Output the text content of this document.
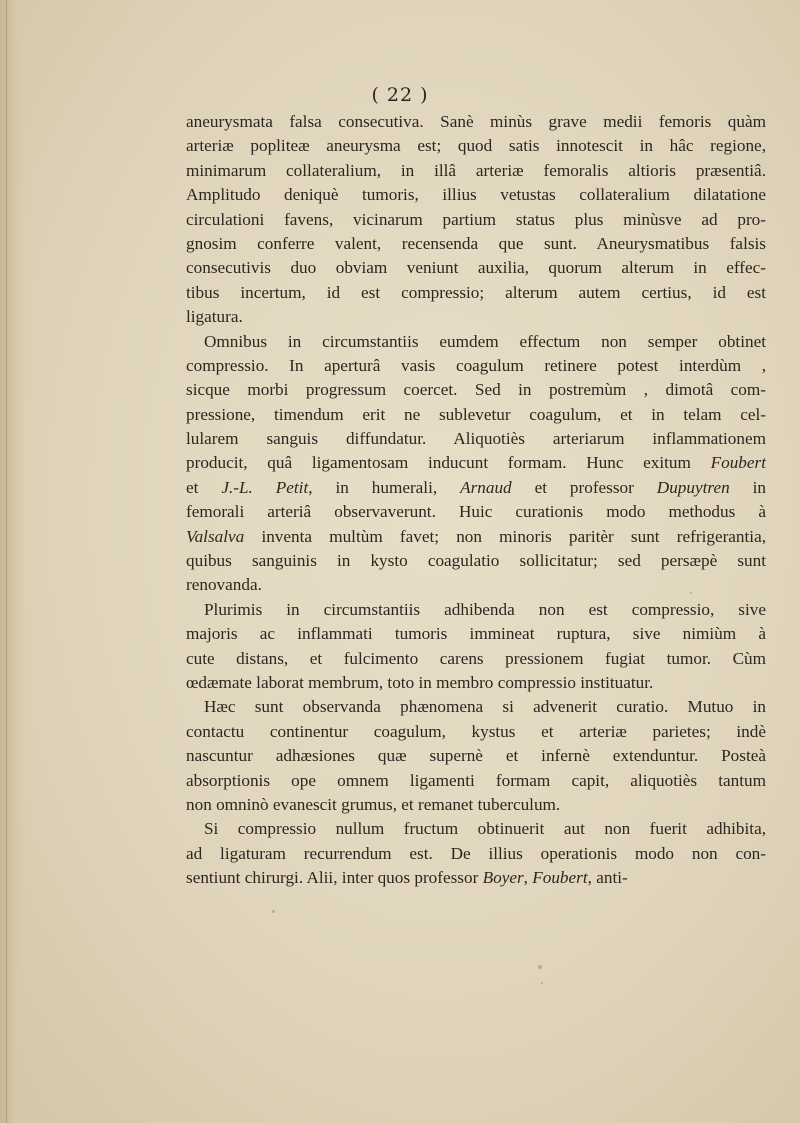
( 22 )
aneurysmata falsa consecutiva. Sanè minùs grave medii femoris quàm
arteriæ popliteæ aneurysma est; quod satis innotescit in hâc regione,
minimarum collateralium, in illâ arteriæ femoralis altioris præsentiâ.
Amplitudo deniquè tumoris, illius vetustas collateralium dilatatione
circulationi favens, vicinarum partium status plus minùsve ad pro-
gnosim conferre valent, recensenda que sunt. Aneurysmatibus falsis
consecutivis duo obviam veniunt auxilia, quorum alterum in effec-
tibus incertum, id est compressio; alterum autem certius, id est
ligatura.
Omnibus in circumstantiis eumdem effectum non semper obtinet
compressio. In aperturâ vasis coagulum retinere potest interdùm ,
sicque morbi progressum coercet. Sed in postremùm , dimotâ com-
pressione, timendum erit ne sublevetur coagulum, et in telam cel-
lularem sanguis diffundatur. Aliquotiès arteriarum inflammationem
producit, quâ ligamentosam inducunt formam. Hunc exitum Foubert
et J.-L. Petit, in humerali, Arnaud et professor Dupuytren in
femorali arteriâ observaverunt. Huic curationis modo methodus à
Valsalva inventa multùm favet; non minoris paritèr sunt refrigerantia,
quibus sanguinis in kysto coagulatio sollicitatur; sed persæpè sunt
renovanda.
Plurimis in circumstantiis adhibenda non est compressio, sive
majoris ac inflammati tumoris immineat ruptura, sive nimiùm à
cute distans, et fulcimento carens pressionem fugiat tumor. Cùm
œdæmate laborat membrum, toto in membro compressio instituatur.
Hæc sunt observanda phænomena si advenerit curatio. Mutuo in
contactu continentur coagulum, kystus et arteriæ parietes; indè
nascuntur adhæsiones quæ supernè et infernè extenduntur. Posteà
absorptionis ope omnem ligamenti formam capit, aliquotiès tantum
non omninò evanescit grumus, et remanet tuberculum.
Si compressio nullum fructum obtinuerit aut non fuerit adhibita,
ad ligaturam recurrendum est. De illius operationis modo non con-
sentiunt chirurgi. Alii, inter quos professor Boyer, Foubert, anti-
